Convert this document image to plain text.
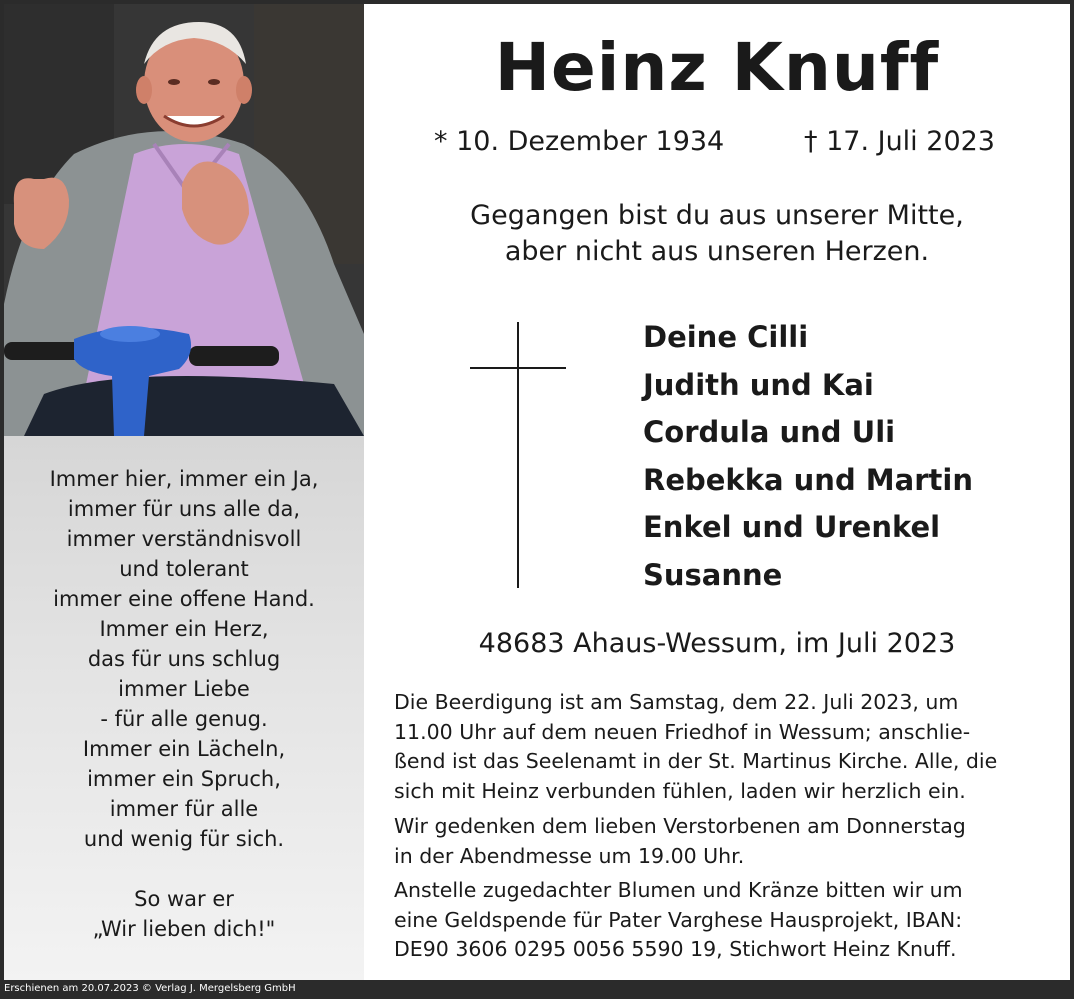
Immer hier, immer ein Ja,
immer für uns alle da,
immer verständnisvoll
und tolerant
immer eine offene Hand.
Immer ein Herz,
das für uns schlug
immer Liebe
- für alle genug.
Immer ein Lächeln,
immer ein Spruch,
immer für alle
und wenig für sich.
So war er
„Wir lieben dich!"
Heinz Knuff
* 10. Dezember 1934	† 17. Juli 2023
Gegangen bist du aus unserer Mitte,
aber nicht aus unseren Herzen.
Deine Cilli
Judith und Kai
Cordula und Uli
Rebekka und Martin
Enkel und Urenkel
Susanne
48683 Ahaus-Wessum, im Juli 2023
Die Beerdigung ist am Samstag, dem 22. Juli 2023, um
11.00 Uhr auf dem neuen Friedhof in Wessum; anschlie-
ßend ist das Seelenamt in der St. Martinus Kirche. Alle, die
sich mit Heinz verbunden fühlen, laden wir herzlich ein.
Wir gedenken dem lieben Verstorbenen am Donnerstag
in der Abendmesse um 19.00 Uhr.
Anstelle zugedachter Blumen und Kränze bitten wir um
eine Geldspende für Pater Varghese Hausprojekt, IBAN:
DE90 3606 0295 0056 5590 19, Stichwort Heinz Knuff.
Erschienen am 20.07.2023 © Verlag J. Mergelsberg GmbH
